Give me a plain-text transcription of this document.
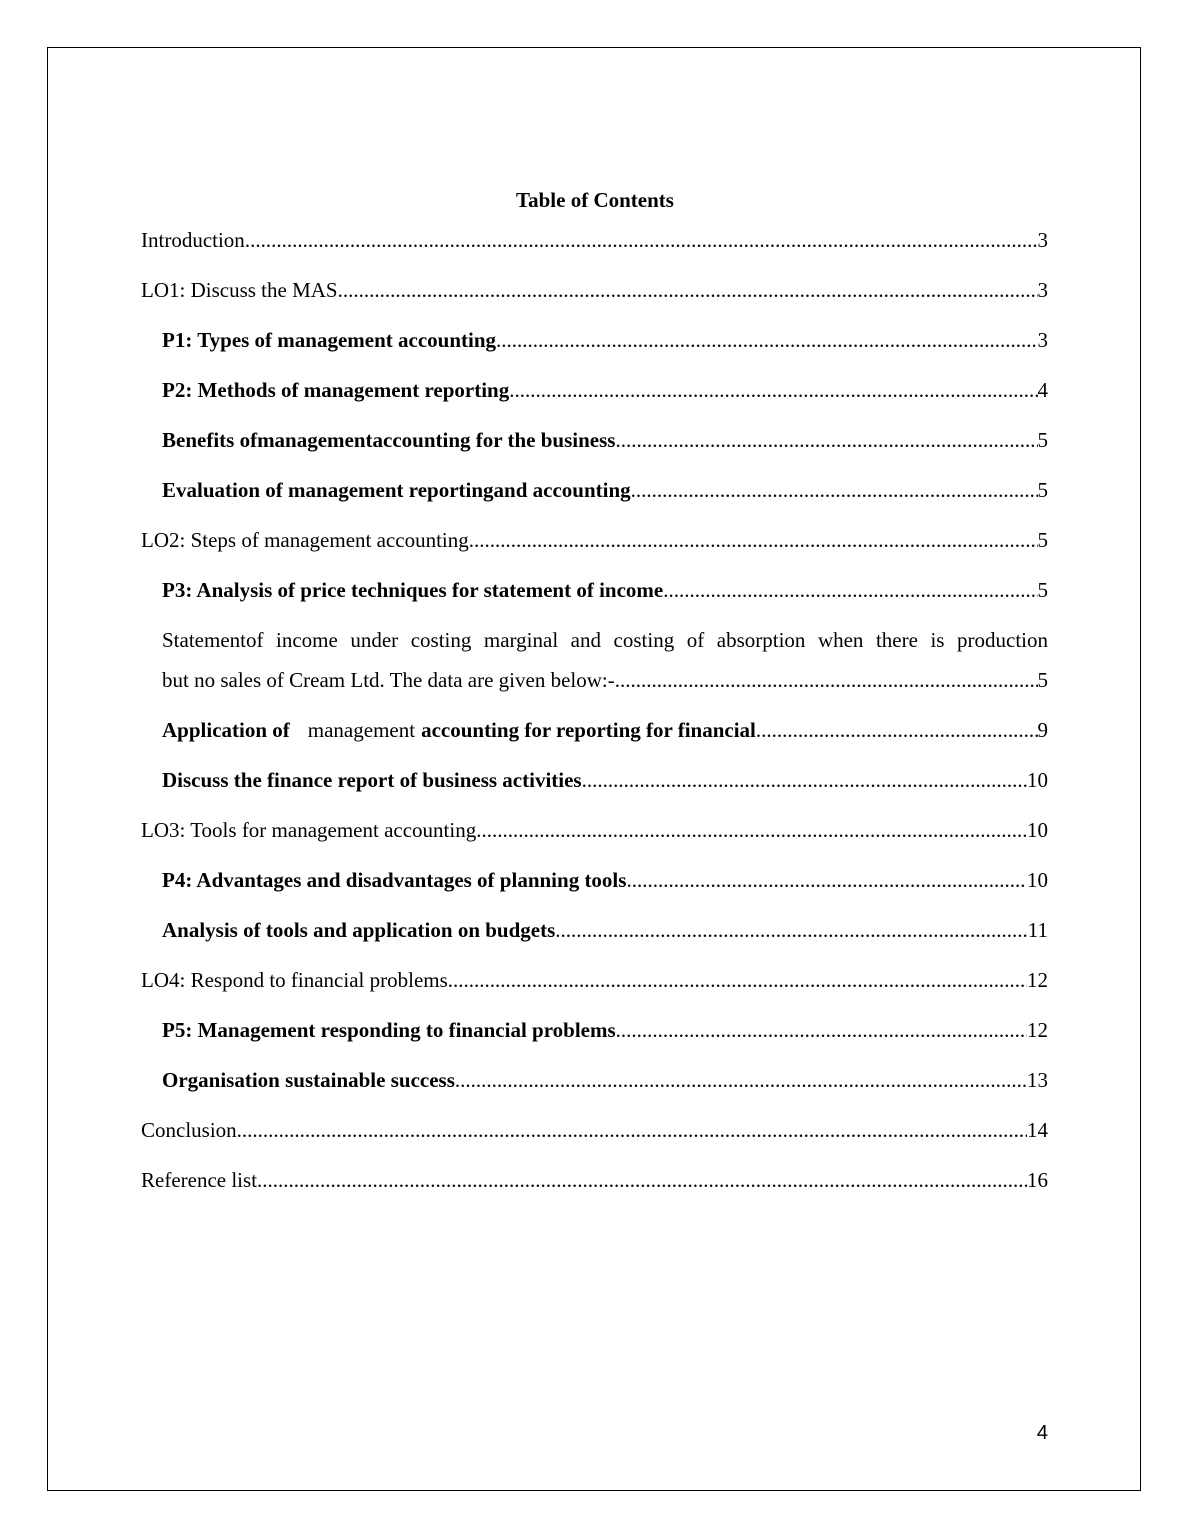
Table of Contents
Introduction .....	3
LO1: Discuss the MAS .....	3
P1: Types of management accounting .....	3
P2: Methods of management reporting .....	4
Benefits ofmanagementaccounting for the business .....	5
Evaluation of management reportingand accounting .....	5
LO2: Steps of management accounting .....	5
P3: Analysis of price techniques for statement of income .....	5
Statementof income under costing marginal and costing of absorption when there is production
but no sales of Cream Ltd. The data are given below:- .....	5
Application of management accounting for reporting for financial .....	9
Discuss the finance report of business activities .....	10
LO3: Tools for management accounting .....	10
P4: Advantages and disadvantages of planning tools .....	10
Analysis of tools and application on budgets .....	11
LO4: Respond to financial problems .....	12
P5: Management responding to financial problems .....	12
Organisation sustainable success .....	13
Conclusion .....	14
Reference list .....	16
4
